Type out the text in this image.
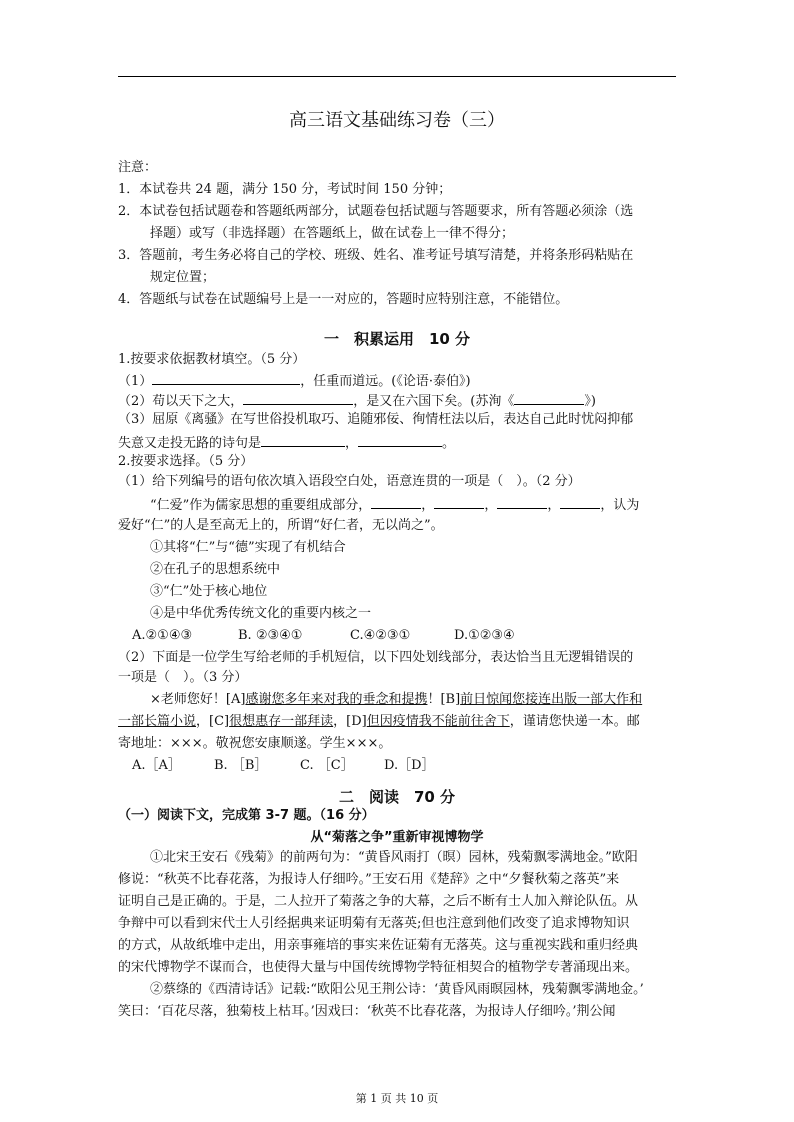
高三语文基础练习卷（三）
注意：
1．本试卷共 24 题，满分 150 分，考试时间 150 分钟；
2．本试卷包括试题卷和答题纸两部分，试题卷包括试题与答题要求，所有答题必须涂（选
择题）或写（非选择题）在答题纸上，做在试卷上一律不得分；
3．答题前，考生务必将自己的学校、班级、姓名、准考证号填写清楚，并将条形码粘贴在
规定位置；
4．答题纸与试卷在试题编号上是一一对应的，答题时应特别注意，不能错位。
一　积累运用　10 分
1.按要求依据教材填空。（5 分）
（1）	，任重而道远。(《论语·泰伯》)
（2）苟以天下之大，	，是又在六国下矣。(苏洵《	》)
（3）屈原《离骚》在写世俗投机取巧、追随邪佞、徇情枉法以后，表达自己此时忧闷抑郁
失意又走投无路的诗句是	，	。
2.按要求选择。（5 分）
（1）给下列编号的语句依次填入语段空白处，语意连贯的一项是（　）。（2 分）
“仁爱”作为儒家思想的重要组成部分，	，	，	，	，认为
爱好“仁”的人是至高无上的，所谓“好仁者，无以尚之”。
①其将“仁”与“德”实现了有机结合
②在孔子的思想系统中
③“仁”处于核心地位
④是中华优秀传统文化的重要内核之一
A.②①④③	B. ②③④①	C.④②③①	D.①②③④
（2）下面是一位学生写给老师的手机短信，以下四处划线部分，表达恰当且无逻辑错误的
一项是（　）。（3 分）
×老师您好！[A]感谢您多年来对我的垂念和提携！[B]前日惊闻您接连出版一部大作和
一部长篇小说，[C]很想惠存一部拜读，[D]但因疫情我不能前往舍下，谨请您快递一本。邮
寄地址：×××。敬祝您安康顺遂。学生×××。
A.［A］	B. ［B］	C. ［C］ D.［D］
二　阅读　70 分
（一）阅读下文，完成第 3-7 题。（16 分）
从“菊落之争”重新审视博物学
①北宋王安石《残菊》的前两句为：“黄昏风雨打（暝）园林，残菊飘零满地金。”欧阳
修说：“秋英不比春花落，为报诗人仔细吟。”王安石用《楚辞》之中“夕餐秋菊之落英”来
证明自己是正确的。于是，二人拉开了菊落之争的大幕，之后不断有士人加入辩论队伍。从
争辩中可以看到宋代士人引经据典来证明菊有无落英;但也注意到他们改变了追求博物知识
的方式，从故纸堆中走出，用亲事雍培的事实来佐证菊有无落英。这与重视实践和重归经典
的宋代博物学不谋而合，也使得大量与中国传统博物学特征相契合的植物学专著涌现出来。
②蔡绦的《西清诗话》记载:“欧阳公见王荆公诗：‘黄昏风雨暝园林，残菊飘零满地金。’
笑曰：‘百花尽落，独菊枝上枯耳。’因戏曰：‘秋英不比春花落，为报诗人仔细吟。’荆公闻
第 1 页 共 10 页
